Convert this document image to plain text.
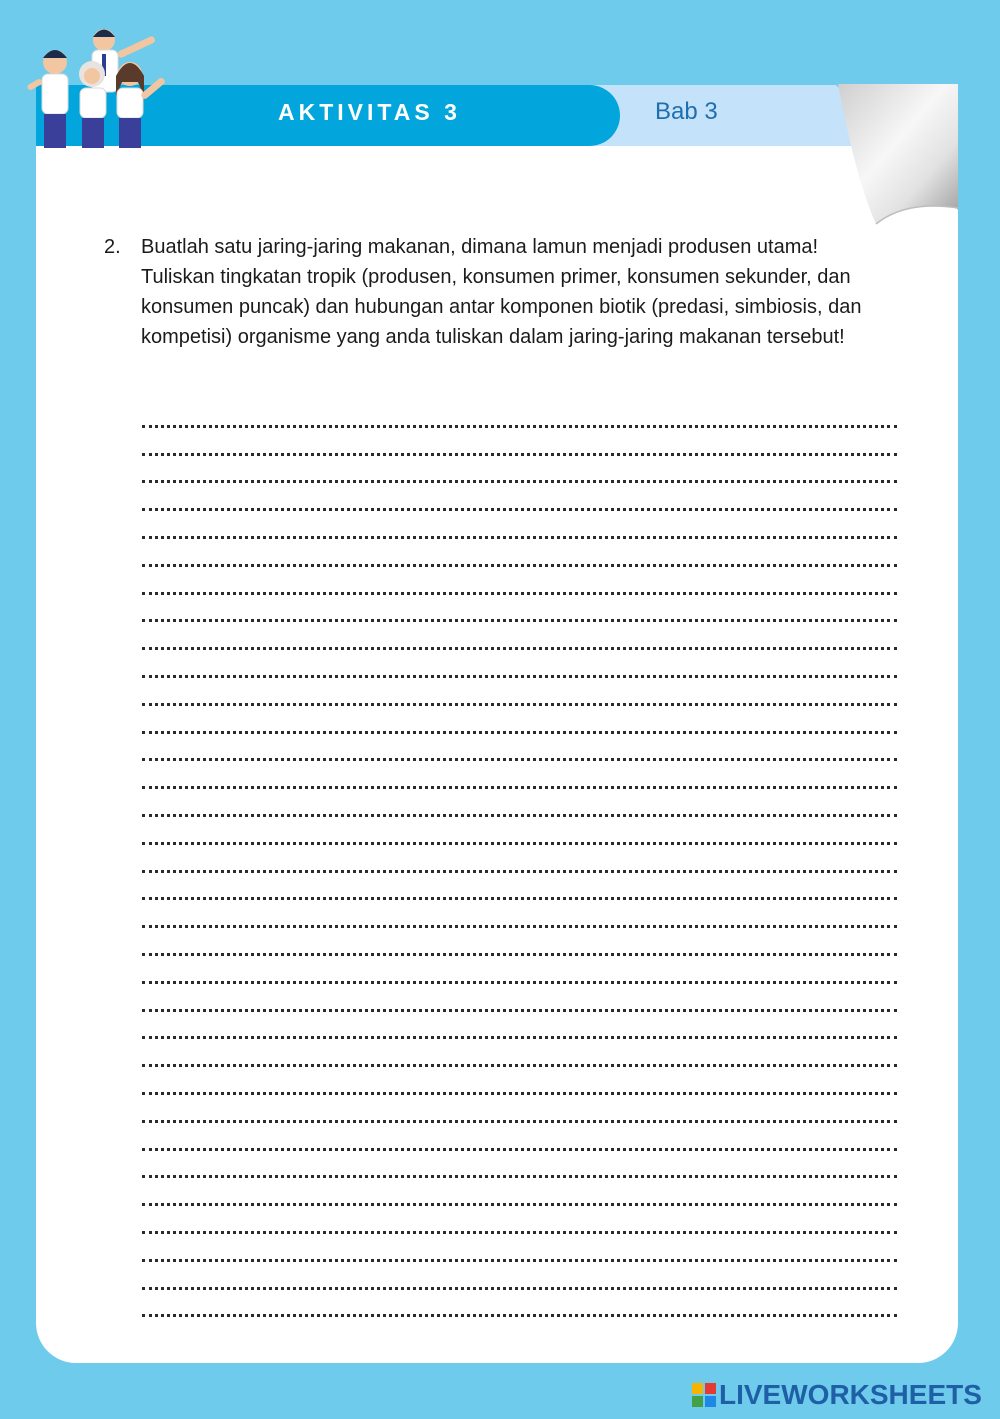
AKTIVITAS 3	Bab 3
2. Buatlah satu jaring-jaring makanan, dimana lamun menjadi produsen utama! Tuliskan tingkatan tropik (produsen, konsumen primer, konsumen sekunder, dan konsumen puncak) dan hubungan antar komponen biotik (predasi, simbiosis, dan kompetisi) organisme yang anda tuliskan dalam jaring-jaring makanan tersebut!
LIVEWORKSHEETS
